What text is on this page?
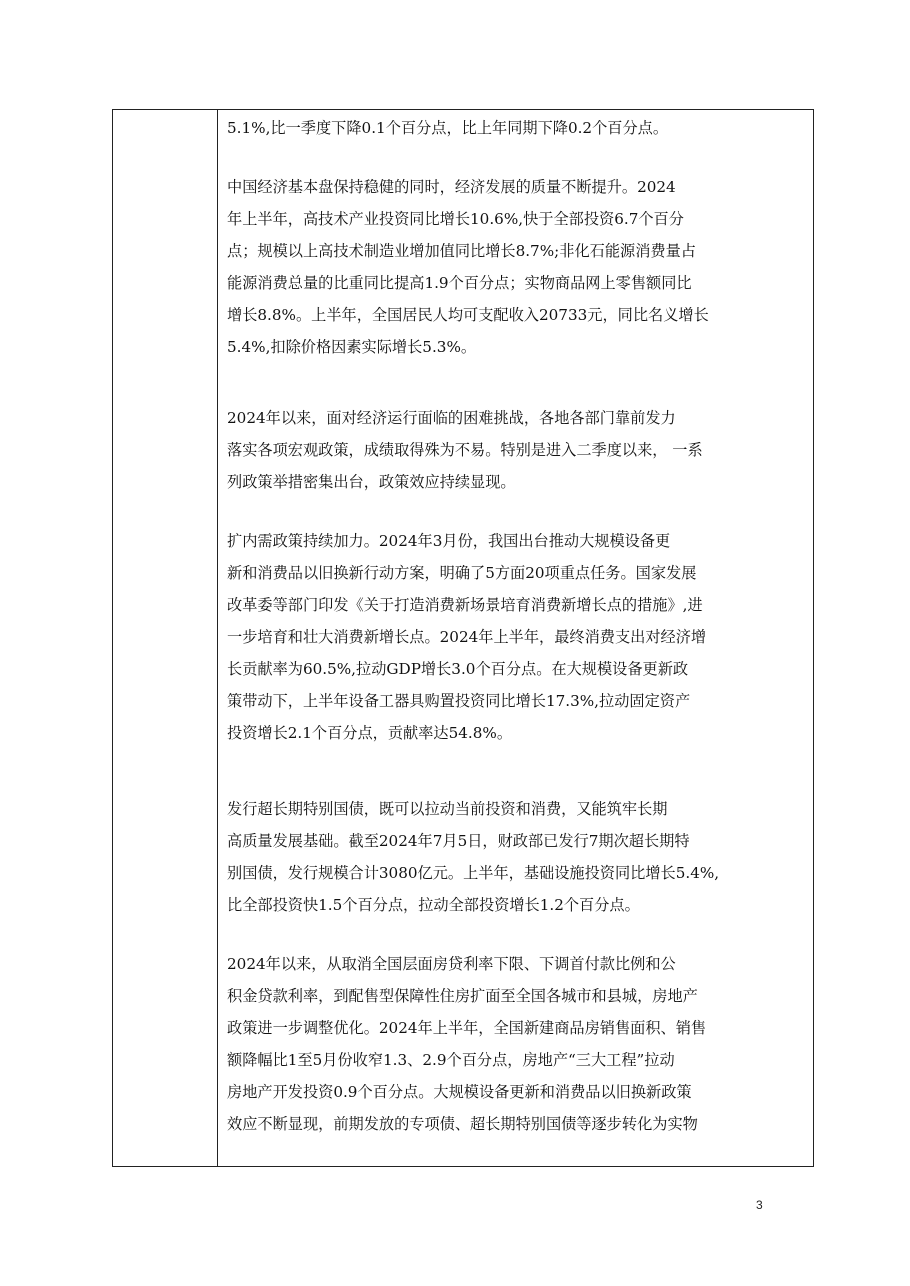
5.1%,比一季度下降0.1个百分点，比上年同期下降0.2个百分点。

中国经济基本盘保持稳健的同时，经济发展的质量不断提升。2024
年上半年，高技术产业投资同比增长10.6%,快于全部投资6.7个百分
点；规模以上高技术制造业增加值同比增长8.7%;非化石能源消费量占
能源消费总量的比重同比提高1.9个百分点；实物商品网上零售额同比
增长8.8%。上半年，全国居民人均可支配收入20733元，同比名义增长
5.4%,扣除价格因素实际增长5.3%。

2024年以来，面对经济运行面临的困难挑战，各地各部门靠前发力
落实各项宏观政策，成绩取得殊为不易。特别是进入二季度以来， 一系
列政策举措密集出台，政策效应持续显现。

扩内需政策持续加力。2024年3月份，我国出台推动大规模设备更
新和消费品以旧换新行动方案，明确了5方面20项重点任务。国家发展
改革委等部门印发《关于打造消费新场景培育消费新增长点的措施》,进
一步培育和壮大消费新增长点。2024年上半年，最终消费支出对经济增
长贡献率为60.5%,拉动GDP增长3.0个百分点。在大规模设备更新政
策带动下，上半年设备工器具购置投资同比增长17.3%,拉动固定资产
投资增长2.1个百分点，贡献率达54.8%。

发行超长期特别国债，既可以拉动当前投资和消费，又能筑牢长期
高质量发展基础。截至2024年7月5日，财政部已发行7期次超长期特
别国债，发行规模合计3080亿元。上半年，基础设施投资同比增长5.4%,
比全部投资快1.5个百分点，拉动全部投资增长1.2个百分点。

2024年以来，从取消全国层面房贷利率下限、下调首付款比例和公
积金贷款利率，到配售型保障性住房扩面至全国各城市和县城，房地产
政策进一步调整优化。2024年上半年，全国新建商品房销售面积、销售
额降幅比1至5月份收窄1.3、2.9个百分点，房地产“三大工程”拉动
房地产开发投资0.9个百分点。大规模设备更新和消费品以旧换新政策
效应不断显现，前期发放的专项债、超长期特别国债等逐步转化为实物

3
